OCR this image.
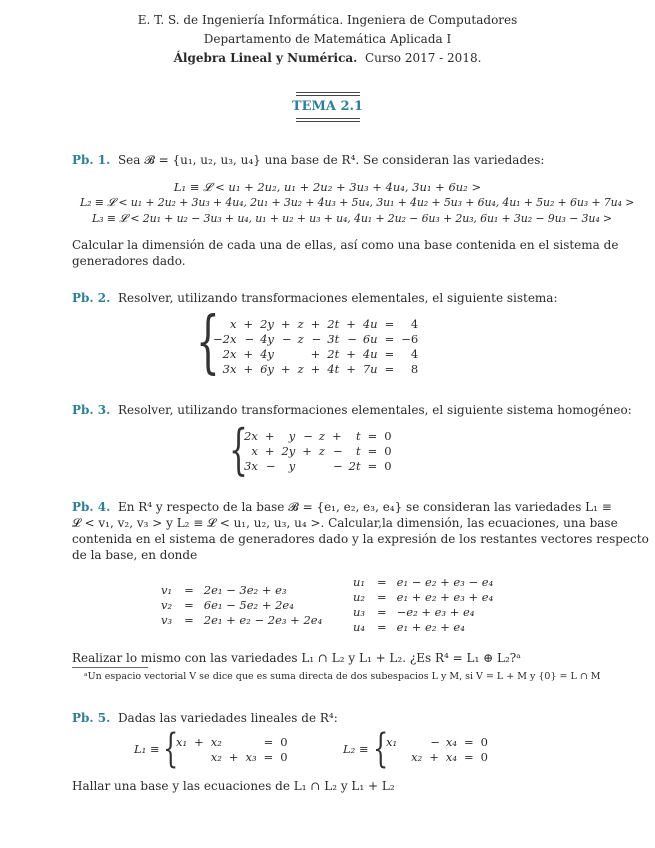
E. T. S. de Ingeniería Informática. Ingeniera de Computadores
Departamento de Matemática Aplicada I
Álgebra Lineal y Numérica. Curso 2017 - 2018.
TEMA 2.1
Pb. 1. Sea 𝓑 = {u₁, u₂, u₃, u₄} una base de R⁴. Se consideran las variedades:
L₁ ≡ 𝓛 < u₁ + 2u₂, u₁ + 2u₂ + 3u₃ + 4u₄, 3u₁ + 6u₂ >
L₂ ≡ 𝓛 < u₁ + 2u₂ + 3u₃ + 4u₄, 2u₁ + 3u₂ + 4u₃ + 5u₄, 3u₁ + 4u₂ + 5u₃ + 6u₄, 4u₁ + 5u₂ + 6u₃ + 7u₄ >
L₃ ≡ 𝓛 < 2u₁ + u₂ − 3u₃ + u₄, u₁ + u₂ + u₃ + u₄, 4u₁ + 2u₂ − 6u₃ + 2u₃, 6u₁ + 3u₂ − 9u₃ − 3u₄ >
Calcular la dimensión de cada una de ellas, así como una base contenida en el sistema de
generadores dado.
Pb. 2. Resolver, utilizando transformaciones elementales, el siguiente sistema:
{ x	+	2y	+	z	+	2t	+	4u	=	4
−2x	−	4y	−	z	−	3t	−	6u	=	−6
2x	+	4y			+	2t	+	4u	=	4
3x	+	6y	+	z	+	4t	+	7u	=	8
Pb. 3. Resolver, utilizando transformaciones elementales, el siguiente sistema homogéneo:
{
2x	+	y	−	z	+	t	=	0
x	+	2y	+	z	−	t	=	0
3x	−	y			−	2t	=	0
Pb. 4. En R⁴ y respecto de la base 𝓑 = {e₁, e₂, e₃, e₄} se consideran las variedades L₁ ≡
𝓛 < v₁, v₂, v₃ > y L₂ ≡ 𝓛 < u₁, u₂, u₃, u₄ >. Calcular,la dimensión, las ecuaciones, una base
contenida en el sistema de generadores dado y la expresión de los restantes vectores respecto
de la base, en donde
v₁	=	2e₁ − 3e₂ + e₃
v₂	=	6e₁ − 5e₂ + 2e₄
v₃	=	2e₁ + e₂ − 2e₃ + 2e₄
u₁	=	e₁ − e₂ + e₃ − e₄
u₂	=	e₁ + e₂ + e₃ + e₄
u₃	=	−e₂ + e₃ + e₄
u₄	=	e₁ + e₂ + e₄
Realizar lo mismo con las variedades L₁ ∩ L₂ y L₁ + L₂. ¿Es R⁴ = L₁ ⊕ L₂?ᵃ
ᵃUn espacio vectorial V se dice que es suma directa de dos subespacios L y M, si V = L + M y {0} = L ∩ M
Pb. 5. Dadas las variedades lineales de R⁴:
L₁ ≡ {
x₁	+	x₂			=	0
		x₂	+	x₃	=	0
L₂ ≡ {
x₁			−	x₄	=	0
		x₂	+	x₄	=	0
Hallar una base y las ecuaciones de L₁ ∩ L₂ y L₁ + L₂
